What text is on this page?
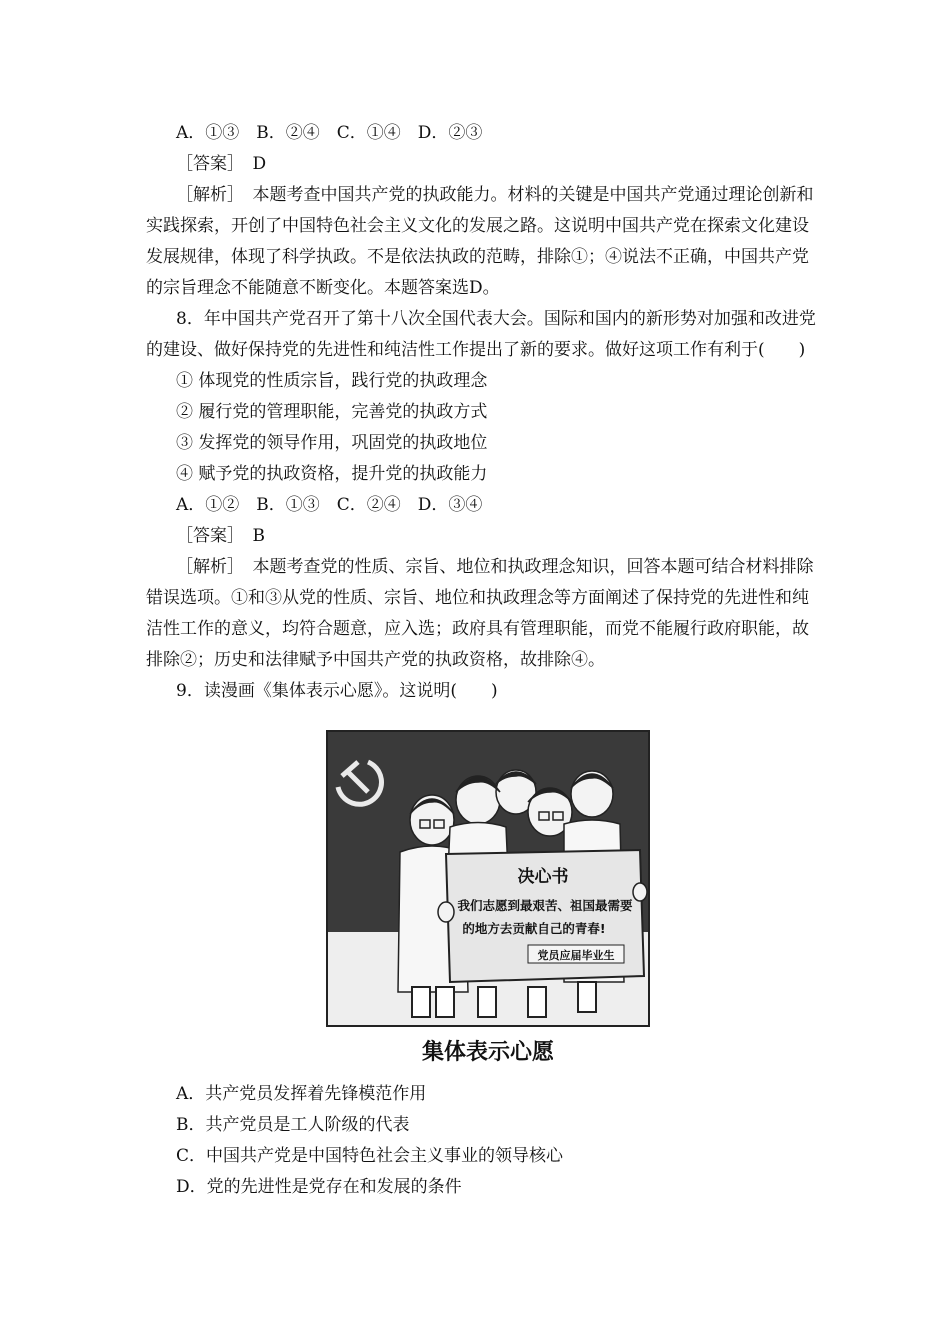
A．①③　B．②④　C．①④　D．②③
［答案］　D
［解析］　本题考查中国共产党的执政能力。材料的关键是中国共产党通过理论创新和
实践探索，开创了中国特色社会主义文化的发展之路。这说明中国共产党在探索文化建设
发展规律，体现了科学执政。不是依法执政的范畴，排除①；④说法不正确，中国共产党
的宗旨理念不能随意不断变化。本题答案选D。
8．年中国共产党召开了第十八次全国代表大会。国际和国内的新形势对加强和改进党
的建设、做好保持党的先进性和纯洁性工作提出了新的要求。做好这项工作有利于(　　)
① 体现党的性质宗旨，践行党的执政理念
② 履行党的管理职能，完善党的执政方式
③ 发挥党的领导作用，巩固党的执政地位
④ 赋予党的执政资格，提升党的执政能力
A．①②　B．①③　C．②④　D．③④
［答案］　B
［解析］　本题考查党的性质、宗旨、地位和执政理念知识，回答本题可结合材料排除
错误选项。①和③从党的性质、宗旨、地位和执政理念等方面阐述了保持党的先进性和纯
洁性工作的意义，均符合题意，应入选；政府具有管理职能，而党不能履行政府职能，故
排除②；历史和法律赋予中国共产党的执政资格，故排除④。
9．读漫画《集体表示心愿》。这说明(　　)
决心书
我们志愿到最艰苦、祖国最需要
的地方去贡献自己的青春!
党员应届毕业生
集体表示心愿
A．共产党员发挥着先锋模范作用
B．共产党员是工人阶级的代表
C．中国共产党是中国特色社会主义事业的领导核心
D．党的先进性是党存在和发展的条件
